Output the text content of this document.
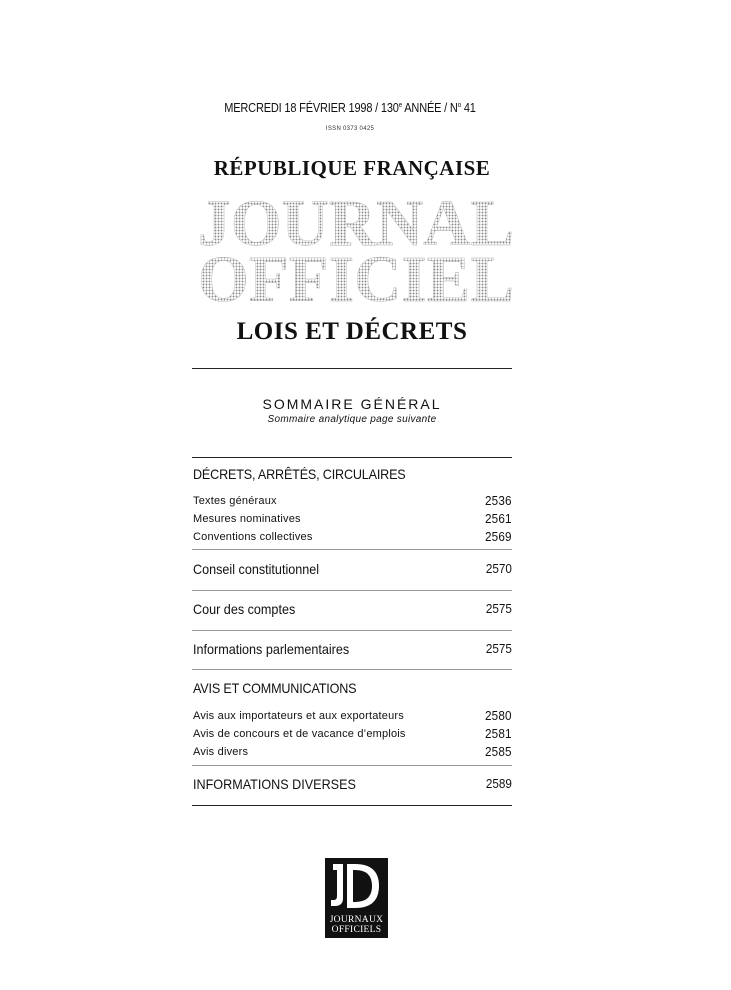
MERCREDI 18 FÉVRIER 1998 / 130e ANNÉE / $N^o$ 41
ISSN 0373 0425
RÉPUBLIQUE FRANÇAISE
JOURNAL
OFFICIEL
LOIS ET DÉCRETS
SOMMAIRE GÉNÉRAL
Sommaire analytique page suivante
DÉCRETS, ARRÊTÉS, CIRCULAIRES
Textes généraux	2536
Mesures nominatives	2561
Conventions collectives	2569
Conseil constitutionnel	2570
Cour des comptes	2575
Informations parlementaires	2575
AVIS ET COMMUNICATIONS
Avis aux importateurs et aux exportateurs	2580
Avis de concours et de vacance d’emplois	2581
Avis divers	2585
INFORMATIONS DIVERSES	2589
JOURNAUX
OFFICIELS
